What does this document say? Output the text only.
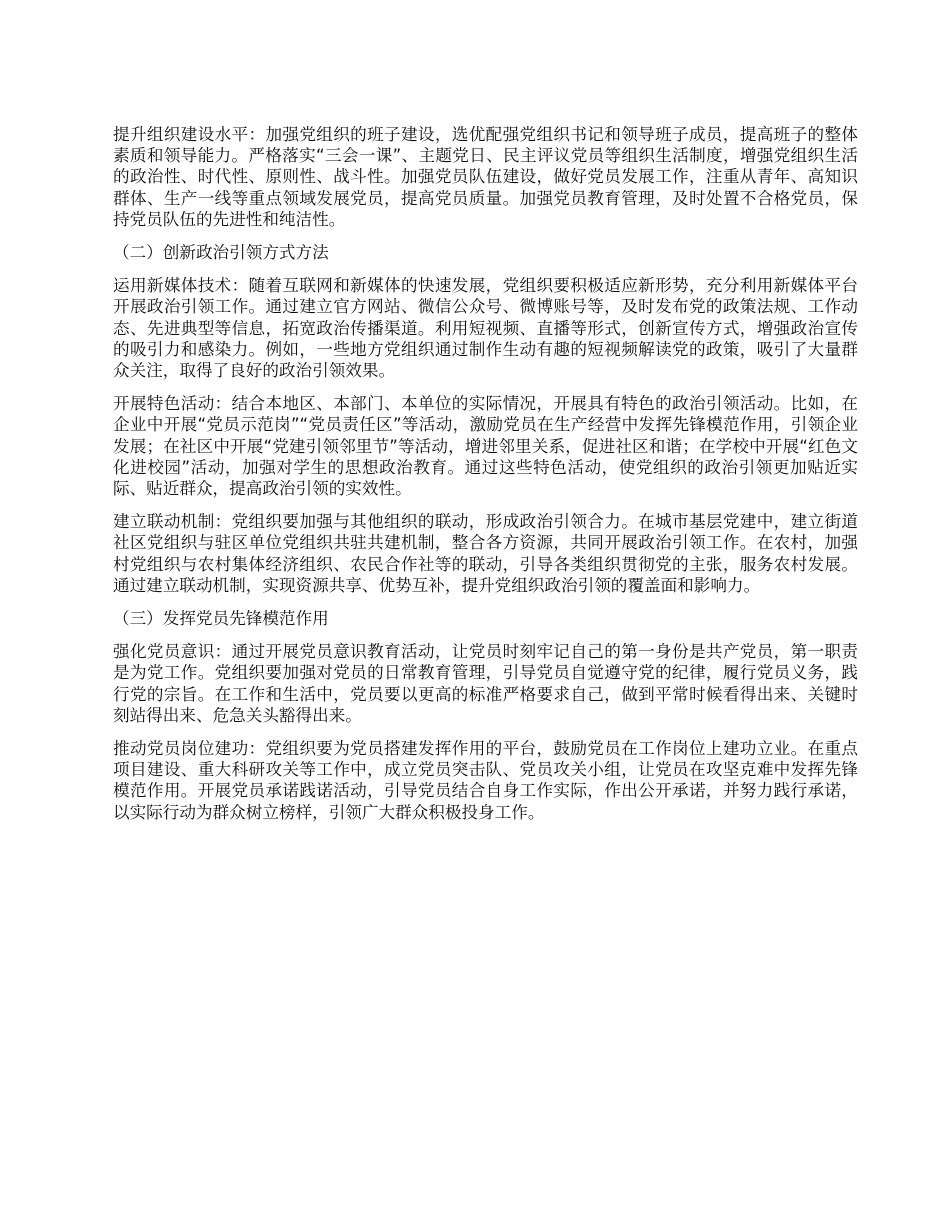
提升组织建设水平：加强党组织的班子建设，选优配强党组织书记和领导班子成员，提高班子的整体素质和领导能力。严格落实“三会一课”、主题党日、民主评议党员等组织生活制度，增强党组织生活的政治性、时代性、原则性、战斗性。加强党员队伍建设，做好党员发展工作，注重从青年、高知识群体、生产一线等重点领域发展党员，提高党员质量。加强党员教育管理，及时处置不合格党员，保持党员队伍的先进性和纯洁性。

（二）创新政治引领方式方法

运用新媒体技术：随着互联网和新媒体的快速发展，党组织要积极适应新形势，充分利用新媒体平台开展政治引领工作。通过建立官方网站、微信公众号、微博账号等，及时发布党的政策法规、工作动态、先进典型等信息，拓宽政治传播渠道。利用短视频、直播等形式，创新宣传方式，增强政治宣传的吸引力和感染力。例如，一些地方党组织通过制作生动有趣的短视频解读党的政策，吸引了大量群众关注，取得了良好的政治引领效果。

开展特色活动：结合本地区、本部门、本单位的实际情况，开展具有特色的政治引领活动。比如，在企业中开展“党员示范岗”“党员责任区”等活动，激励党员在生产经营中发挥先锋模范作用，引领企业发展；在社区中开展“党建引领邻里节”等活动，增进邻里关系，促进社区和谐；在学校中开展“红色文化进校园”活动，加强对学生的思想政治教育。通过这些特色活动，使党组织的政治引领更加贴近实际、贴近群众，提高政治引领的实效性。

建立联动机制：党组织要加强与其他组织的联动，形成政治引领合力。在城市基层党建中，建立街道社区党组织与驻区单位党组织共驻共建机制，整合各方资源，共同开展政治引领工作。在农村，加强村党组织与农村集体经济组织、农民合作社等的联动，引导各类组织贯彻党的主张，服务农村发展。通过建立联动机制，实现资源共享、优势互补，提升党组织政治引领的覆盖面和影响力。

（三）发挥党员先锋模范作用

强化党员意识：通过开展党员意识教育活动，让党员时刻牢记自己的第一身份是共产党员，第一职责是为党工作。党组织要加强对党员的日常教育管理，引导党员自觉遵守党的纪律，履行党员义务，践行党的宗旨。在工作和生活中，党员要以更高的标准严格要求自己，做到平常时候看得出来、关键时刻站得出来、危急关头豁得出来。

推动党员岗位建功：党组织要为党员搭建发挥作用的平台，鼓励党员在工作岗位上建功立业。在重点项目建设、重大科研攻关等工作中，成立党员突击队、党员攻关小组，让党员在攻坚克难中发挥先锋模范作用。开展党员承诺践诺活动，引导党员结合自身工作实际，作出公开承诺，并努力践行承诺，以实际行动为群众树立榜样，引领广大群众积极投身工作。
